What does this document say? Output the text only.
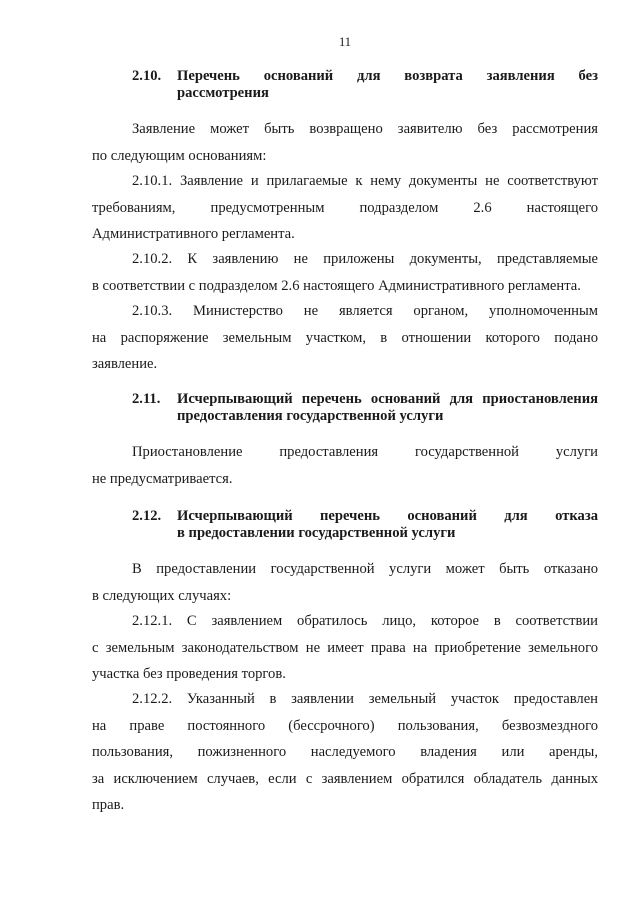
11
2.10. Перечень оснований для возврата заявления без
рассмотрения

Заявление может быть возвращено заявителю без рассмотрения
по следующим основаниям:

2.10.1. Заявление и прилагаемые к нему документы не соответствуют
требованиям, предусмотренным подразделом 2.6 настоящего
Административного регламента.

2.10.2. К заявлению не приложены документы, представляемые
в соответствии с подразделом 2.6 настоящего Административного регламента.

2.10.3. Министерство не является органом, уполномоченным
на распоряжение земельным участком, в отношении которого подано
заявление.

2.11. Исчерпывающий перечень оснований для приостановления
предоставления государственной услуги

Приостановление предоставления государственной услуги
не предусматривается.

2.12. Исчерпывающий перечень оснований для отказа
в предоставлении государственной услуги

В предоставлении государственной услуги может быть отказано
в следующих случаях:

2.12.1. С заявлением обратилось лицо, которое в соответствии
с земельным законодательством не имеет права на приобретение земельного
участка без проведения торгов.

2.12.2. Указанный в заявлении земельный участок предоставлен
на праве постоянного (бессрочного) пользования, безвозмездного
пользования, пожизненного наследуемого владения или аренды,
за исключением случаев, если с заявлением обратился обладатель данных
прав.
